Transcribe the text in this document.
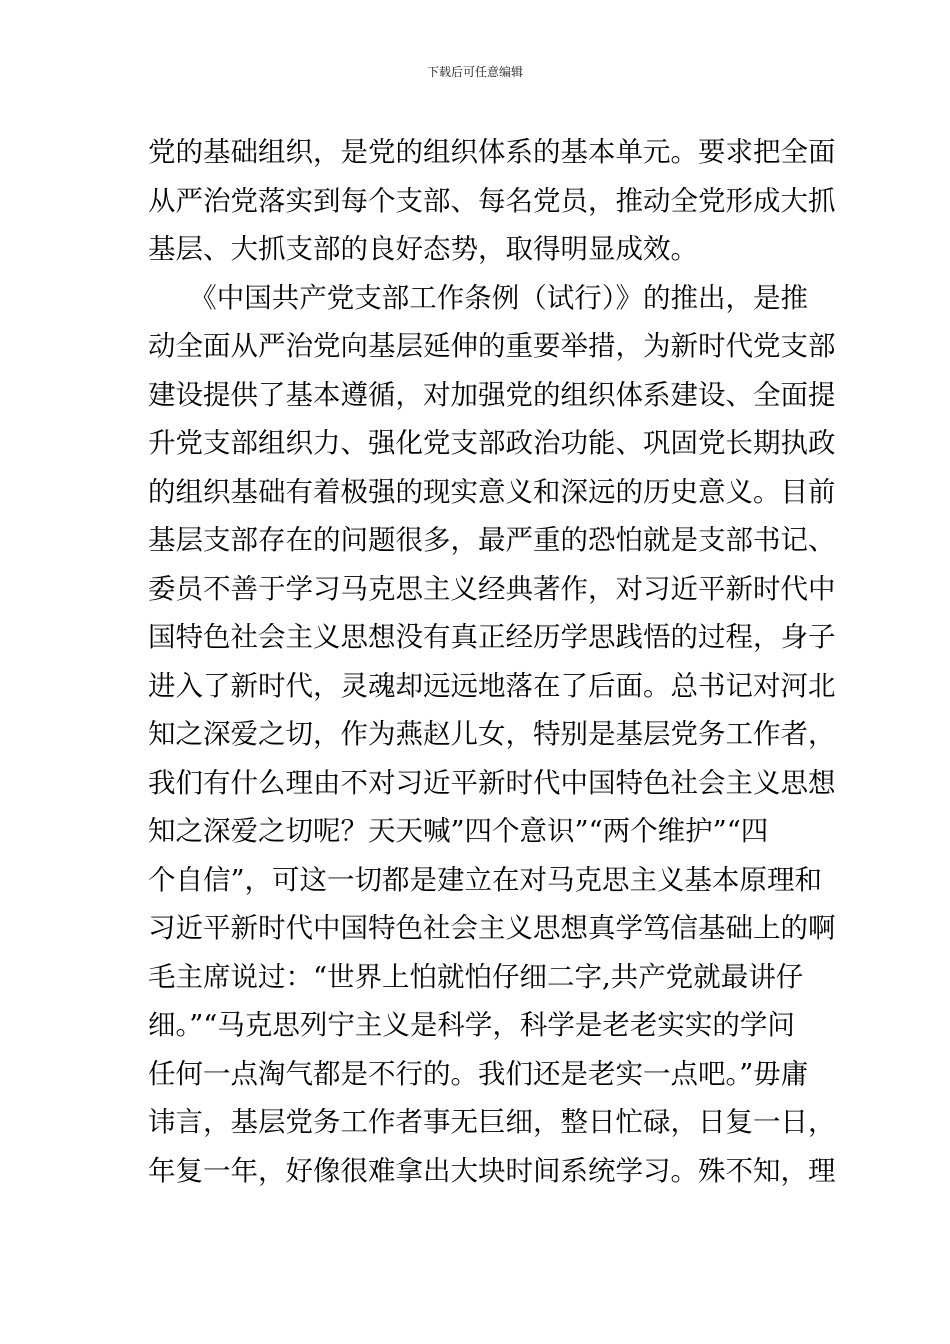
下载后可任意编辑
党的基础组织，是党的组织体系的基本单元。要求把全面
从严治党落实到每个支部、每名党员，推动全党形成大抓
基层、大抓支部的良好态势，取得明显成效。
　　《中国共产党支部工作条例（试行）》的推出，是推
动全面从严治党向基层延伸的重要举措，为新时代党支部
建设提供了基本遵循，对加强党的组织体系建设、全面提
升党支部组织力、强化党支部政治功能、巩固党长期执政
的组织基础有着极强的现实意义和深远的历史意义。目前
基层支部存在的问题很多，最严重的恐怕就是支部书记、
委员不善于学习马克思主义经典著作，对习近平新时代中
国特色社会主义思想没有真正经历学思践悟的过程，身子
进入了新时代，灵魂却远远地落在了后面。总书记对河北
知之深爱之切，作为燕赵儿女，特别是基层党务工作者，
我们有什么理由不对习近平新时代中国特色社会主义思想
知之深爱之切呢？天天喊”四个意识”“两个维护”“四
个自信”，可这一切都是建立在对马克思主义基本原理和
习近平新时代中国特色社会主义思想真学笃信基础上的啊
毛主席说过：“世界上怕就怕仔细二字,共产党就最讲仔
细。”“马克思列宁主义是科学，科学是老老实实的学问
任何一点淘气都是不行的。我们还是老实一点吧。”毋庸
讳言，基层党务工作者事无巨细，整日忙碌，日复一日，
年复一年，好像很难拿出大块时间系统学习。殊不知，理
